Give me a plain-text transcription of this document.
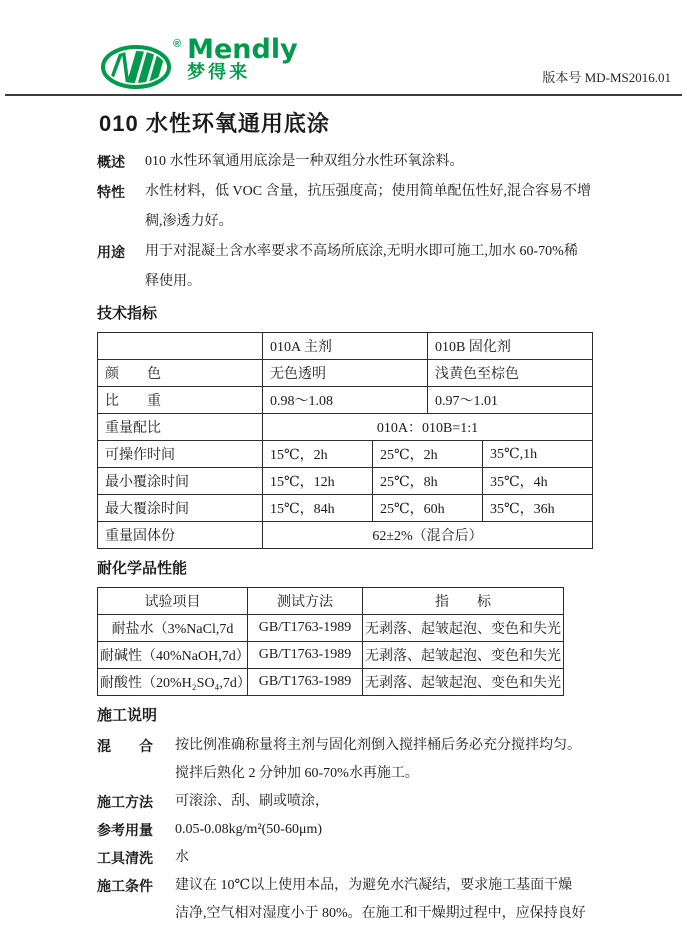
® Mendly
梦得来	版本号 MD-MS2016.01
010 水性环氧通用底涂
概述	010 水性环氧通用底涂是一种双组分水性环氧涂料。
特性	水性材料，低 VOC 含量，抗压强度高；使用简单配伍性好,混合容易不增
稠,渗透力好。
用途	用于对混凝土含水率要求不高场所底涂,无明水即可施工,加水 60-70%稀
释使用。
技术指标
	010A 主剂		010B 固化剂	
颜　　色	无色透明		浅黄色至棕色	
比　　重	0.98～1.08		0.97～1.01	
重量配比	010A：010B=1:1			
可操作时间	15℃，2h	25℃，2h		35℃,1h
最小覆涂时间	15℃，12h	25℃，8h		35℃，4h
最大覆涂时间	15℃，84h	25℃，60h		35℃，36h
重量固体份	62±2%（混合后）			
耐化学品性能
试验项目	测试方法	指　　标
耐盐水（3%NaCl,7d	GB/T1763-1989	无剥落、起皱起泡、变色和失光
耐碱性（40%NaOH,7d）	GB/T1763-1989	无剥落、起皱起泡、变色和失光
耐酸性（20%H₂SO₄,7d）	GB/T1763-1989	无剥落、起皱起泡、变色和失光
施工说明
混　　合	按比例准确称量将主剂与固化剂倒入搅拌桶后务必充分搅拌均匀。
搅拌后熟化 2 分钟加 60-70%水再施工。
施工方法	可滚涂、刮、刷或喷涂，
参考用量	0.05-0.08kg/m²(50-60μm)
工具清洗	水
施工条件	建议在 10℃以上使用本品，为避免水汽凝结，要求施工基面干燥
洁净,空气相对湿度小于 80%。在施工和干燥期过程中，应保持良好
